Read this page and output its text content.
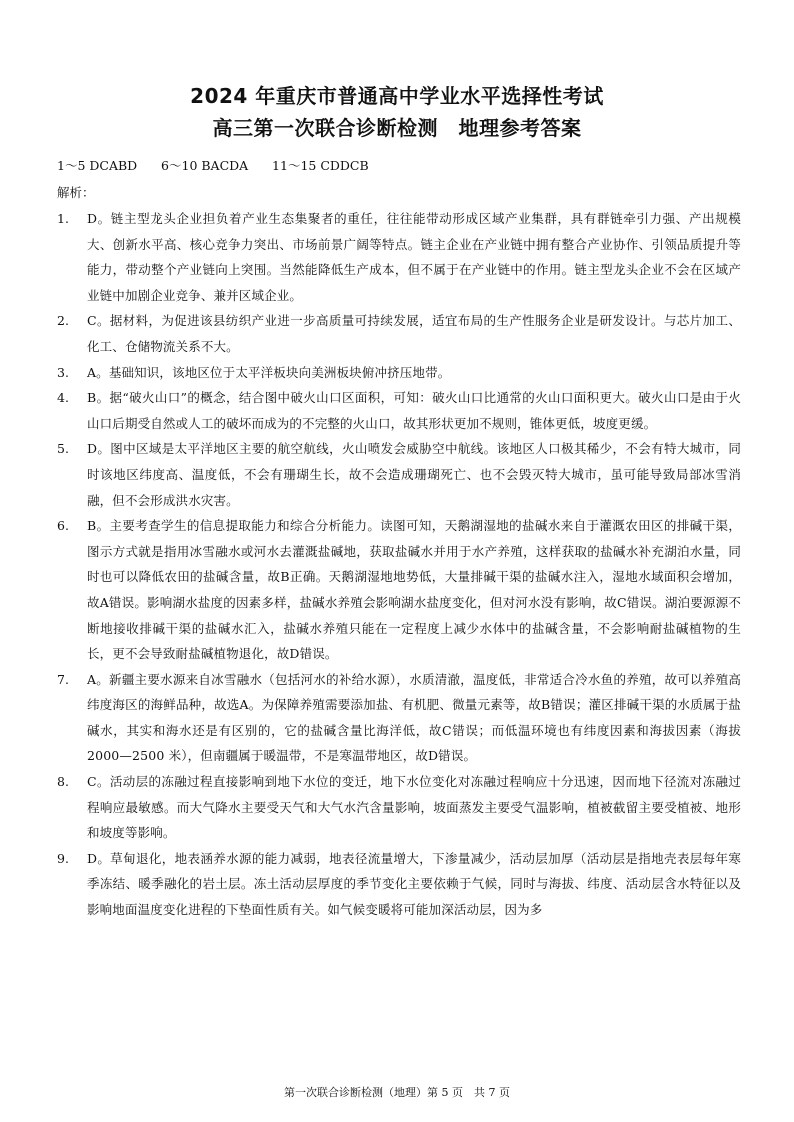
2024 年重庆市普通高中学业水平选择性考试
高三第一次联合诊断检测　地理参考答案
1～5 DCABD      6～10 BACDA      11～15 CDDCB
解析：
1.	D。链主型龙头企业担负着产业生态集聚者的重任，往往能带动形成区域产业集群，具有群链牵引力强、产出规模大、创新水平高、核心竞争力突出、市场前景广阔等特点。链主企业在产业链中拥有整合产业协作、引领品质提升等能力，带动整个产业链向上突围。当然能降低生产成本，但不属于在产业链中的作用。链主型龙头企业不会在区域产业链中加剧企业竞争、兼并区域企业。
2.	C。据材料，为促进该县纺织产业进一步高质量可持续发展，适宜布局的生产性服务企业是研发设计。与芯片加工、化工、仓储物流关系不大。
3.	A。基础知识，该地区位于太平洋板块向美洲板块俯冲挤压地带。
4.	B。据“破火山口”的概念，结合图中破火山口区面积，可知：破火山口比通常的火山口面积更大。破火山口是由于火山口后期受自然或人工的破坏而成为的不完整的火山口，故其形状更加不规则，锥体更低，坡度更缓。
5.	D。图中区域是太平洋地区主要的航空航线，火山喷发会威胁空中航线。该地区人口极其稀少，不会有特大城市，同时该地区纬度高、温度低，不会有珊瑚生长，故不会造成珊瑚死亡、也不会毁灭特大城市，虽可能导致局部冰雪消融，但不会形成洪水灾害。
6.	B。主要考查学生的信息提取能力和综合分析能力。读图可知，天鹅湖湿地的盐碱水来自于灌溉农田区的排碱干渠，图示方式就是指用冰雪融水或河水去灌溉盐碱地，获取盐碱水并用于水产养殖，这样获取的盐碱水补充湖泊水量，同时也可以降低农田的盐碱含量，故B正确。天鹅湖湿地地势低，大量排碱干渠的盐碱水注入，湿地水域面积会增加，故A错误。影响湖水盐度的因素多样，盐碱水养殖会影响湖水盐度变化，但对河水没有影响，故C错误。湖泊要源源不断地接收排碱干渠的盐碱水汇入，盐碱水养殖只能在一定程度上减少水体中的盐碱含量，不会影响耐盐碱植物的生长，更不会导致耐盐碱植物退化，故D错误。
7.	A。新疆主要水源来自冰雪融水（包括河水的补给水源），水质清澈，温度低，非常适合冷水鱼的养殖，故可以养殖高纬度海区的海鲜品种，故选A。为保障养殖需要添加盐、有机肥、微量元素等，故B错误；灌区排碱干渠的水质属于盐碱水，其实和海水还是有区别的，它的盐碱含量比海洋低，故C错误；而低温环境也有纬度因素和海拔因素（海拔 2000—2500 米），但南疆属于暖温带，不是寒温带地区，故D错误。
8.	C。活动层的冻融过程直接影响到地下水位的变迁，地下水位变化对冻融过程响应十分迅速，因而地下径流对冻融过程响应最敏感。而大气降水主要受天气和大气水汽含量影响，坡面蒸发主要受气温影响，植被截留主要受植被、地形和坡度等影响。
9.	D。草甸退化，地表涵养水源的能力减弱，地表径流量增大，下渗量减少，活动层加厚（活动层是指地壳表层每年寒季冻结、暖季融化的岩土层。冻土活动层厚度的季节变化主要依赖于气候，同时与海拔、纬度、活动层含水特征以及影响地面温度变化进程的下垫面性质有关。如气候变暖将可能加深活动层，因为多
第一次联合诊断检测（地理）第 5 页　共 7 页
